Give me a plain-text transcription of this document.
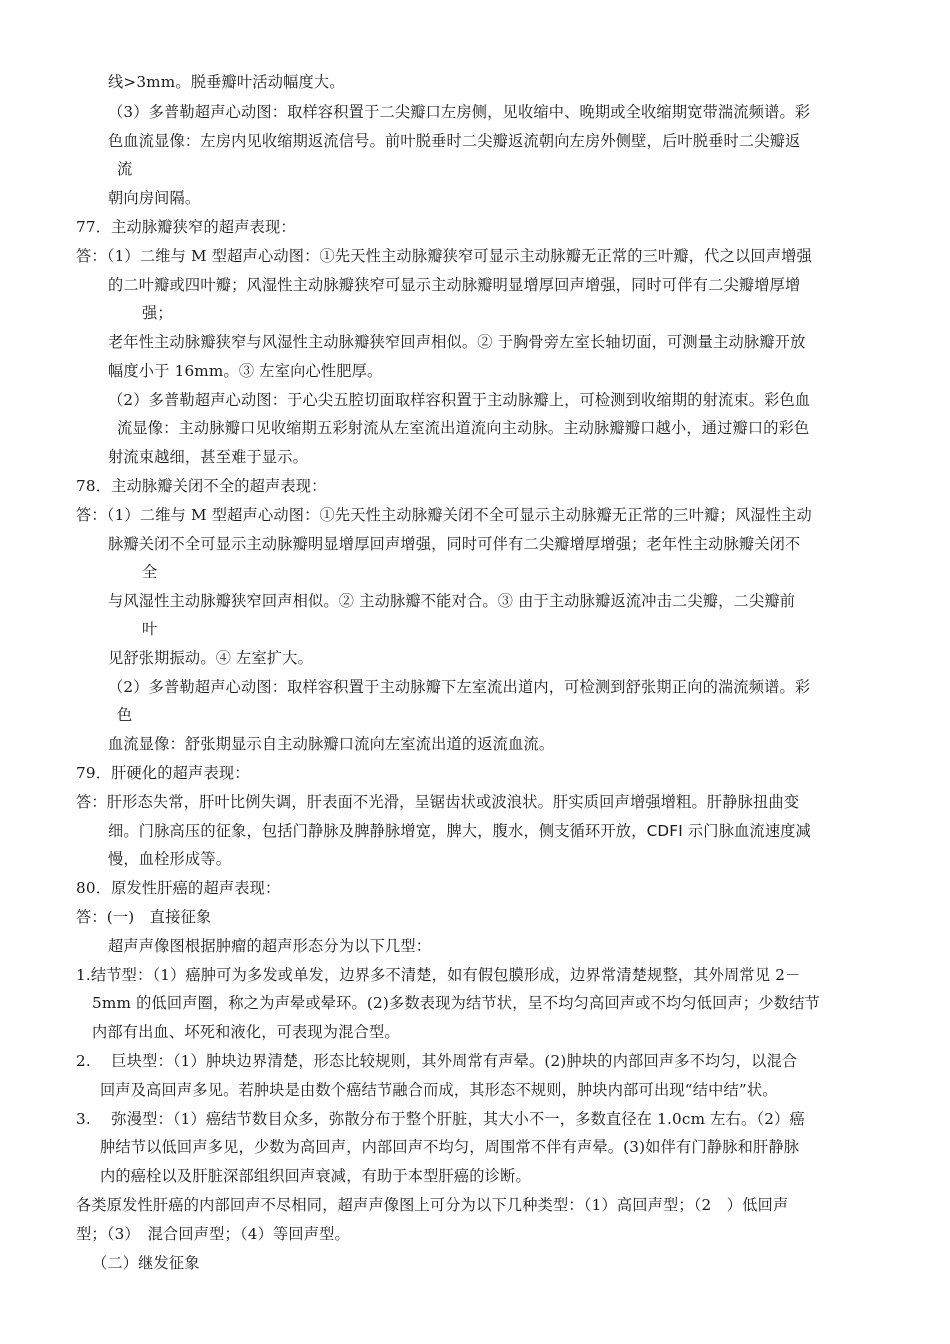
线>3mm。脱垂瓣叶活动幅度大。
（3）多普勒超声心动图：取样容积置于二尖瓣口左房侧，见收缩中、晚期或全收缩期宽带湍流频谱。彩
色血流显像：左房内见收缩期返流信号。前叶脱垂时二尖瓣返流朝向左房外侧壁，后叶脱垂时二尖瓣返
流
朝向房间隔。
77．主动脉瓣狭窄的超声表现：
答：（1）二维与 M 型超声心动图：①先天性主动脉瓣狭窄可显示主动脉瓣无正常的三叶瓣，代之以回声增强
的二叶瓣或四叶瓣；风湿性主动脉瓣狭窄可显示主动脉瓣明显增厚回声增强，同时可伴有二尖瓣增厚增
强；
老年性主动脉瓣狭窄与风湿性主动脉瓣狭窄回声相似。② 于胸骨旁左室长轴切面，可测量主动脉瓣开放
幅度小于 16mm。③ 左室向心性肥厚。
（2）多普勒超声心动图：于心尖五腔切面取样容积置于主动脉瓣上，可检测到收缩期的射流束。彩色血
流显像：主动脉瓣口见收缩期五彩射流从左室流出道流向主动脉。主动脉瓣瓣口越小，通过瓣口的彩色
射流束越细，甚至难于显示。
78．主动脉瓣关闭不全的超声表现：
答：（1）二维与 M 型超声心动图：①先天性主动脉瓣关闭不全可显示主动脉瓣无正常的三叶瓣；风湿性主动
脉瓣关闭不全可显示主动脉瓣明显增厚回声增强，同时可伴有二尖瓣增厚增强；老年性主动脉瓣关闭不
全
与风湿性主动脉瓣狭窄回声相似。② 主动脉瓣不能对合。③ 由于主动脉瓣返流冲击二尖瓣，二尖瓣前
叶
见舒张期振动。④ 左室扩大。
（2）多普勒超声心动图：取样容积置于主动脉瓣下左室流出道内，可检测到舒张期正向的湍流频谱。彩
色
血流显像：舒张期显示自主动脉瓣口流向左室流出道的返流血流。
79．肝硬化的超声表现：
答：肝形态失常，肝叶比例失调，肝表面不光滑，呈锯齿状或波浪状。肝实质回声增强增粗。肝静脉扭曲变
细。门脉高压的征象，包括门静脉及脾静脉增宽，脾大，腹水，侧支循环开放，CDFI 示门脉血流速度减
慢，血栓形成等。
80．原发性肝癌的超声表现：
答：(一)　直接征象
超声声像图根据肿瘤的超声形态分为以下几型：
1.结节型：（1）癌肿可为多发或单发，边界多不清楚，如有假包膜形成，边界常清楚规整，其外周常见 2－
5mm 的低回声圈，称之为声晕或晕环。(2)多数表现为结节状，呈不均匀高回声或不均匀低回声；少数结节
内部有出血、坏死和液化，可表现为混合型。
2.　 巨块型：（1）肿块边界清楚，形态比较规则，其外周常有声晕。(2)肿块的内部回声多不均匀，以混合
回声及高回声多见。若肿块是由数个癌结节融合而成，其形态不规则，肿块内部可出现“结中结”状。
3.　 弥漫型：（1）癌结节数目众多，弥散分布于整个肝脏，其大小不一，多数直径在 1.0cm 左右。（2）癌
肿结节以低回声多见，少数为高回声，内部回声不均匀，周围常不伴有声晕。(3)如伴有门静脉和肝静脉
内的癌栓以及肝脏深部组织回声衰减，有助于本型肝癌的诊断。
各类原发性肝癌的内部回声不尽相同，超声声像图上可分为以下几种类型：（1）高回声型；（2　）低回声
型；（3）　混合回声型；（4）等回声型。
（二）继发征象
